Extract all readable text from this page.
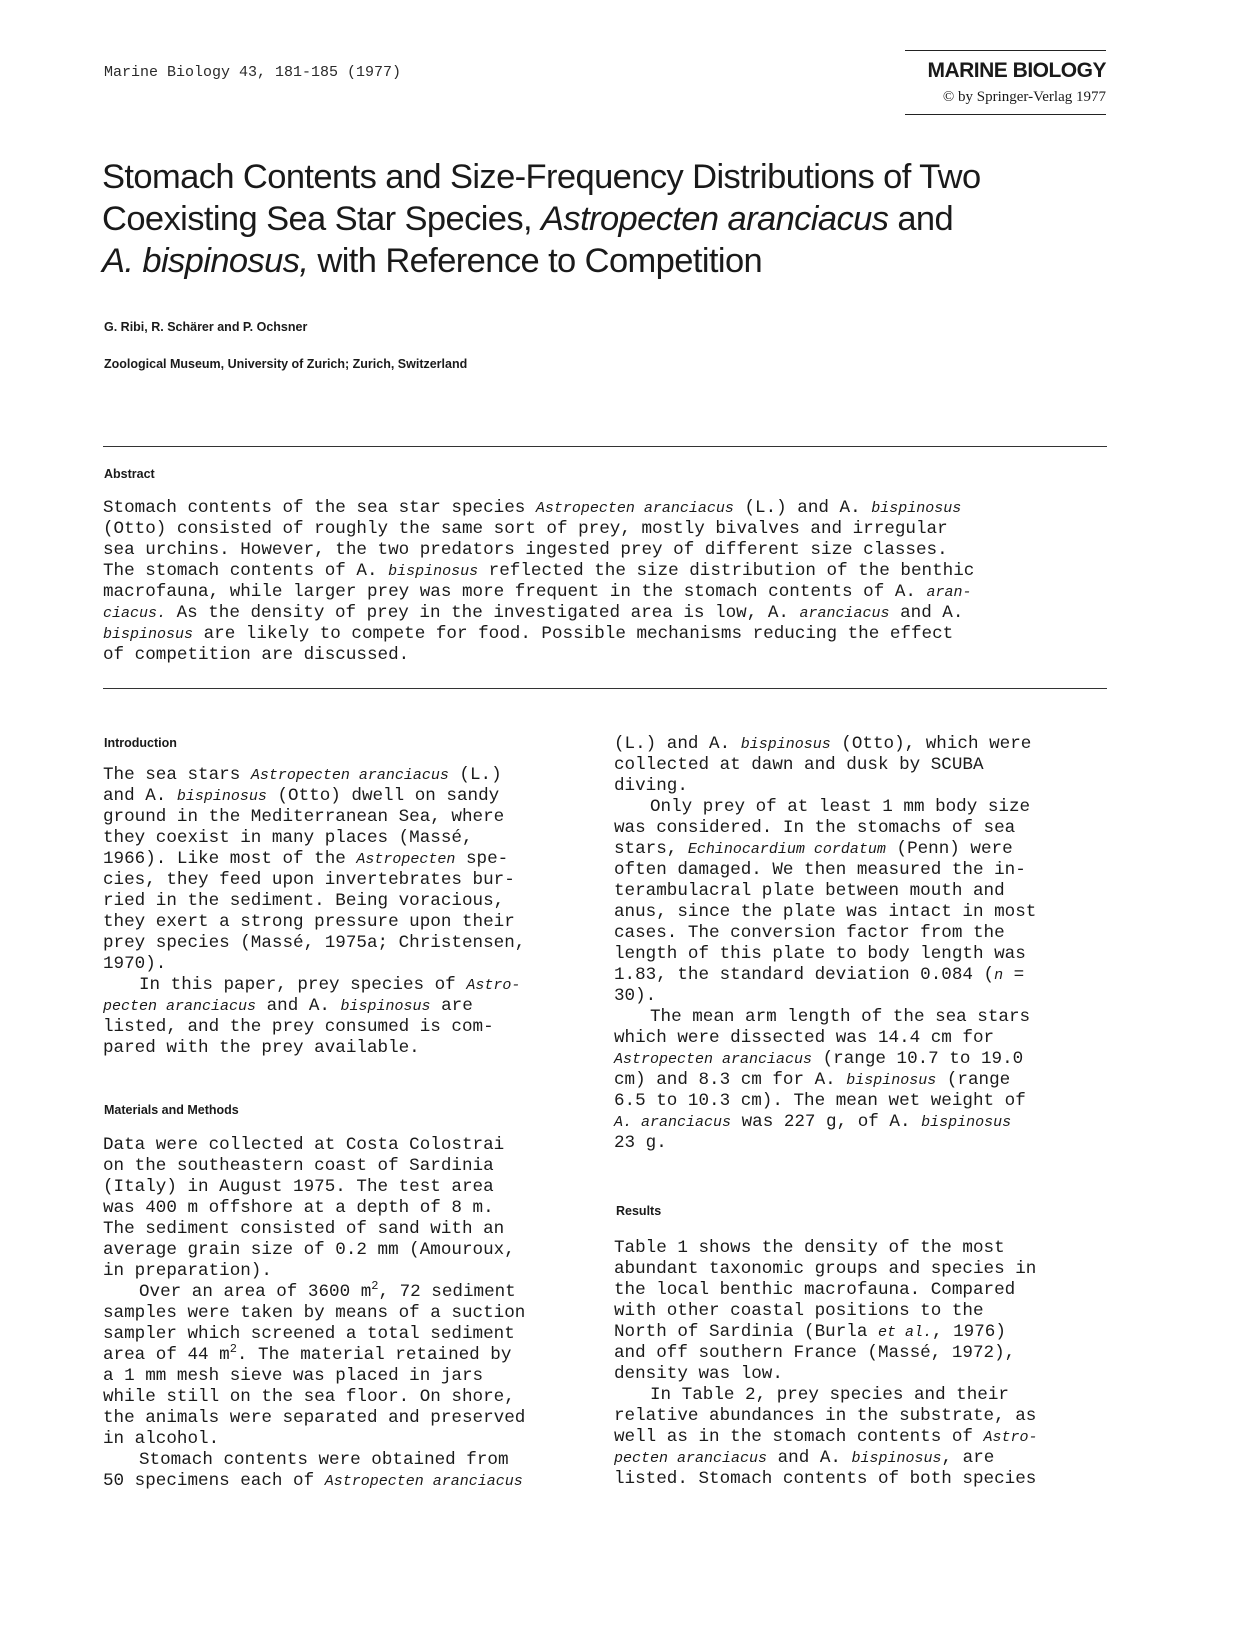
Marine Biology 43, 181-185 (1977)	MARINE BIOLOGY
© by Springer-Verlag 1977
Stomach Contents and Size-Frequency Distributions of Two
Coexisting Sea Star Species, Astropecten aranciacus and
A. bispinosus, with Reference to Competition
G. Ribi, R. Schärer and P. Ochsner
Zoological Museum, University of Zurich; Zurich, Switzerland
Abstract
Stomach contents of the sea star species Astropecten aranciacus (L.) and A. bispinosus
(Otto) consisted of roughly the same sort of prey, mostly bivalves and irregular
sea urchins. However, the two predators ingested prey of different size classes.
The stomach contents of A. bispinosus reflected the size distribution of the benthic
macrofauna, while larger prey was more frequent in the stomach contents of A. aran-
ciacus. As the density of prey in the investigated area is low, A. aranciacus and A.
bispinosus are likely to compete for food. Possible mechanisms reducing the effect
of competition are discussed.
Introduction
The sea stars Astropecten aranciacus (L.)
and A. bispinosus (Otto) dwell on sandy
ground in the Mediterranean Sea, where
they coexist in many places (Massé,
1966). Like most of the Astropecten spe-
cies, they feed upon invertebrates bur-
ried in the sediment. Being voracious,
they exert a strong pressure upon their
prey species (Massé, 1975a; Christensen,
1970).
In this paper, prey species of Astro-
pecten aranciacus and A. bispinosus are
listed, and the prey consumed is com-
pared with the prey available.
Materials and Methods
Data were collected at Costa Colostrai
on the southeastern coast of Sardinia
(Italy) in August 1975. The test area
was 400 m offshore at a depth of 8 m.
The sediment consisted of sand with an
average grain size of 0.2 mm (Amouroux,
in preparation).
Over an area of 3600 $m^2$, 72 sediment
samples were taken by means of a suction
sampler which screened a total sediment
area of 44 $m^2$. The material retained by
a 1 mm mesh sieve was placed in jars
while still on the sea floor. On shore,
the animals were separated and preserved
in alcohol.
Stomach contents were obtained from
50 specimens each of Astropecten aranciacus
(L.) and A. bispinosus (Otto), which were
collected at dawn and dusk by SCUBA
diving.
Only prey of at least 1 mm body size
was considered. In the stomachs of sea
stars, Echinocardium cordatum (Penn) were
often damaged. We then measured the in-
terambulacral plate between mouth and
anus, since the plate was intact in most
cases. The conversion factor from the
length of this plate to body length was
1.83, the standard deviation 0.084 (n =
30).
The mean arm length of the sea stars
which were dissected was 14.4 cm for
Astropecten aranciacus (range 10.7 to 19.0
cm) and 8.3 cm for A. bispinosus (range
6.5 to 10.3 cm). The mean wet weight of
A. aranciacus was 227 g, of A. bispinosus
23 g.
Results
Table 1 shows the density of the most
abundant taxonomic groups and species in
the local benthic macrofauna. Compared
with other coastal positions to the
North of Sardinia (Burla et al., 1976)
and off southern France (Massé, 1972),
density was low.
In Table 2, prey species and their
relative abundances in the substrate, as
well as in the stomach contents of Astro-
pecten aranciacus and A. bispinosus, are
listed. Stomach contents of both species
